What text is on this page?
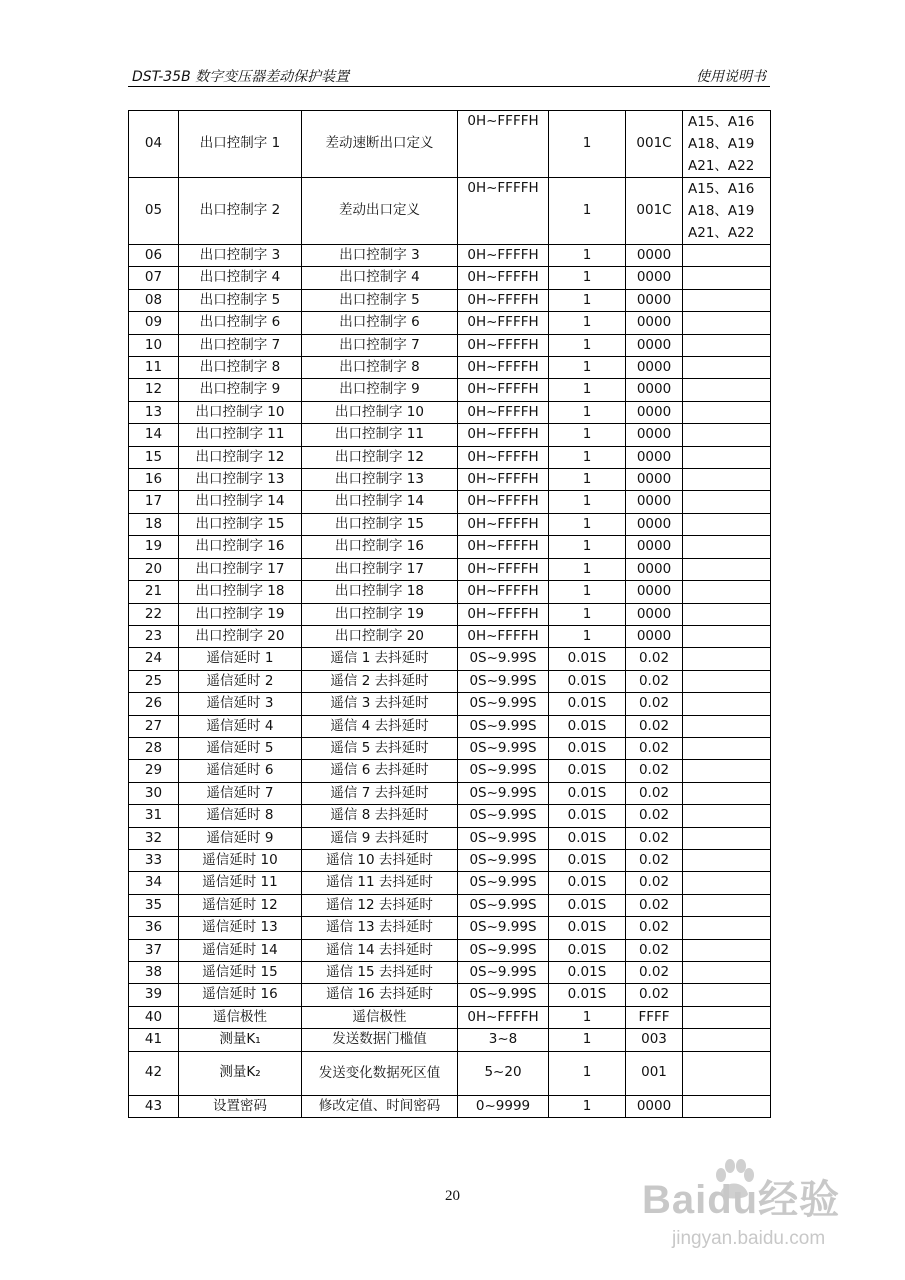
DST-35B 数字变压器差动保护装置	使用说明书
04	出口控制字 1	差动速断出口定义	0H~FFFFH	1	001C	A15、A16 A18、A19 A21、A22
05	出口控制字 2	差动出口定义	0H~FFFFH	1	001C	A15、A16 A18、A19 A21、A22
06	出口控制字 3	出口控制字 3	0H~FFFFH	1	0000	
07	出口控制字 4	出口控制字 4	0H~FFFFH	1	0000	
08	出口控制字 5	出口控制字 5	0H~FFFFH	1	0000	
09	出口控制字 6	出口控制字 6	0H~FFFFH	1	0000	
10	出口控制字 7	出口控制字 7	0H~FFFFH	1	0000	
11	出口控制字 8	出口控制字 8	0H~FFFFH	1	0000	
12	出口控制字 9	出口控制字 9	0H~FFFFH	1	0000	
13	出口控制字 10	出口控制字 10	0H~FFFFH	1	0000	
14	出口控制字 11	出口控制字 11	0H~FFFFH	1	0000	
15	出口控制字 12	出口控制字 12	0H~FFFFH	1	0000	
16	出口控制字 13	出口控制字 13	0H~FFFFH	1	0000	
17	出口控制字 14	出口控制字 14	0H~FFFFH	1	0000	
18	出口控制字 15	出口控制字 15	0H~FFFFH	1	0000	
19	出口控制字 16	出口控制字 16	0H~FFFFH	1	0000	
20	出口控制字 17	出口控制字 17	0H~FFFFH	1	0000	
21	出口控制字 18	出口控制字 18	0H~FFFFH	1	0000	
22	出口控制字 19	出口控制字 19	0H~FFFFH	1	0000	
23	出口控制字 20	出口控制字 20	0H~FFFFH	1	0000	
24	遥信延时 1	遥信 1 去抖延时	0S~9.99S	0.01S	0.02	
25	遥信延时 2	遥信 2 去抖延时	0S~9.99S	0.01S	0.02	
26	遥信延时 3	遥信 3 去抖延时	0S~9.99S	0.01S	0.02	
27	遥信延时 4	遥信 4 去抖延时	0S~9.99S	0.01S	0.02	
28	遥信延时 5	遥信 5 去抖延时	0S~9.99S	0.01S	0.02	
29	遥信延时 6	遥信 6 去抖延时	0S~9.99S	0.01S	0.02	
30	遥信延时 7	遥信 7 去抖延时	0S~9.99S	0.01S	0.02	
31	遥信延时 8	遥信 8 去抖延时	0S~9.99S	0.01S	0.02	
32	遥信延时 9	遥信 9 去抖延时	0S~9.99S	0.01S	0.02	
33	遥信延时 10	遥信 10 去抖延时	0S~9.99S	0.01S	0.02	
34	遥信延时 11	遥信 11 去抖延时	0S~9.99S	0.01S	0.02	
35	遥信延时 12	遥信 12 去抖延时	0S~9.99S	0.01S	0.02	
36	遥信延时 13	遥信 13 去抖延时	0S~9.99S	0.01S	0.02	
37	遥信延时 14	遥信 14 去抖延时	0S~9.99S	0.01S	0.02	
38	遥信延时 15	遥信 15 去抖延时	0S~9.99S	0.01S	0.02	
39	遥信延时 16	遥信 16 去抖延时	0S~9.99S	0.01S	0.02	
40	遥信极性	遥信极性	0H~FFFFH	1	FFFF	
41	测量K₁	发送数据门槛值	3~8	1	003	
42	测量K₂	发送变化数据死区值	5~20	1	001	
43	设置密码	修改定值、时间密码	0~9999	1	0000	
20	Baidu经验
jingyan.baidu.com
